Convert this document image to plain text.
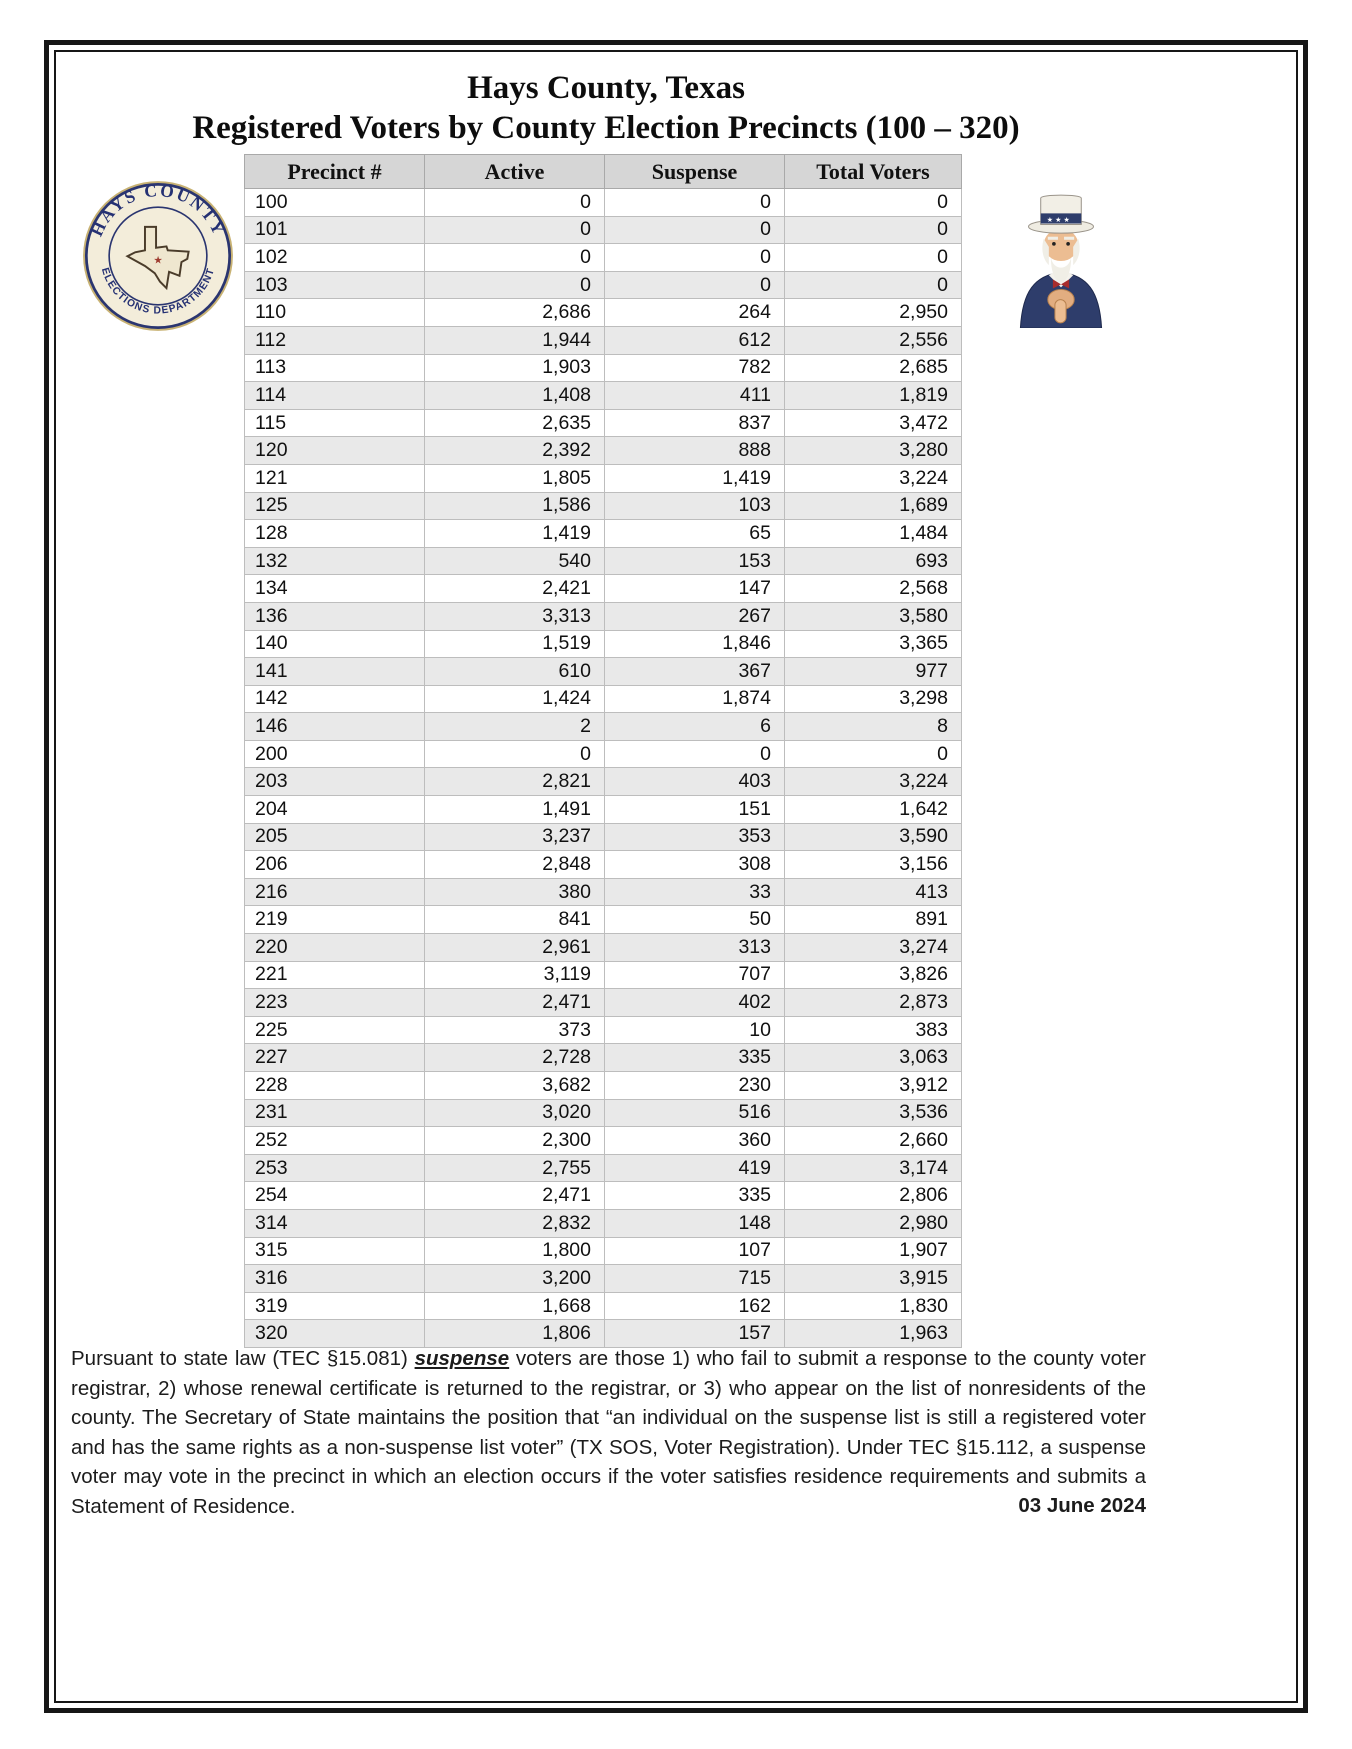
Hays County, Texas
Registered Voters by County Election Precincts (100 – 320)
HAYS COUNTY
ELECTIONS DEPARTMENT
★
★ ★ ★
Precinct #	Active	Suspense	Total Voters
100	0	0	0
101	0	0	0
102	0	0	0
103	0	0	0
110	2,686	264	2,950
112	1,944	612	2,556
113	1,903	782	2,685
114	1,408	411	1,819
115	2,635	837	3,472
120	2,392	888	3,280
121	1,805	1,419	3,224
125	1,586	103	1,689
128	1,419	65	1,484
132	540	153	693
134	2,421	147	2,568
136	3,313	267	3,580
140	1,519	1,846	3,365
141	610	367	977
142	1,424	1,874	3,298
146	2	6	8
200	0	0	0
203	2,821	403	3,224
204	1,491	151	1,642
205	3,237	353	3,590
206	2,848	308	3,156
216	380	33	413
219	841	50	891
220	2,961	313	3,274
221	3,119	707	3,826
223	2,471	402	2,873
225	373	10	383
227	2,728	335	3,063
228	3,682	230	3,912
231	3,020	516	3,536
252	2,300	360	2,660
253	2,755	419	3,174
254	2,471	335	2,806
314	2,832	148	2,980
315	1,800	107	1,907
316	3,200	715	3,915
319	1,668	162	1,830
320	1,806	157	1,963
Pursuant to state law (TEC §15.081) suspense voters are those 1) who fail to submit a response to the county voter registrar, 2) whose renewal certificate is returned to the registrar, or 3) who appear on the list of nonresidents of the county. The Secretary of State maintains the position that “an individual on the suspense list is still a registered voter and has the same rights as a non-suspense list voter” (TX SOS, Voter Registration). Under TEC §15.112, a suspense voter may vote in the precinct in which an election occurs if the voter satisfies residence requirements and submits a Statement of Residence.	03 June 2024
